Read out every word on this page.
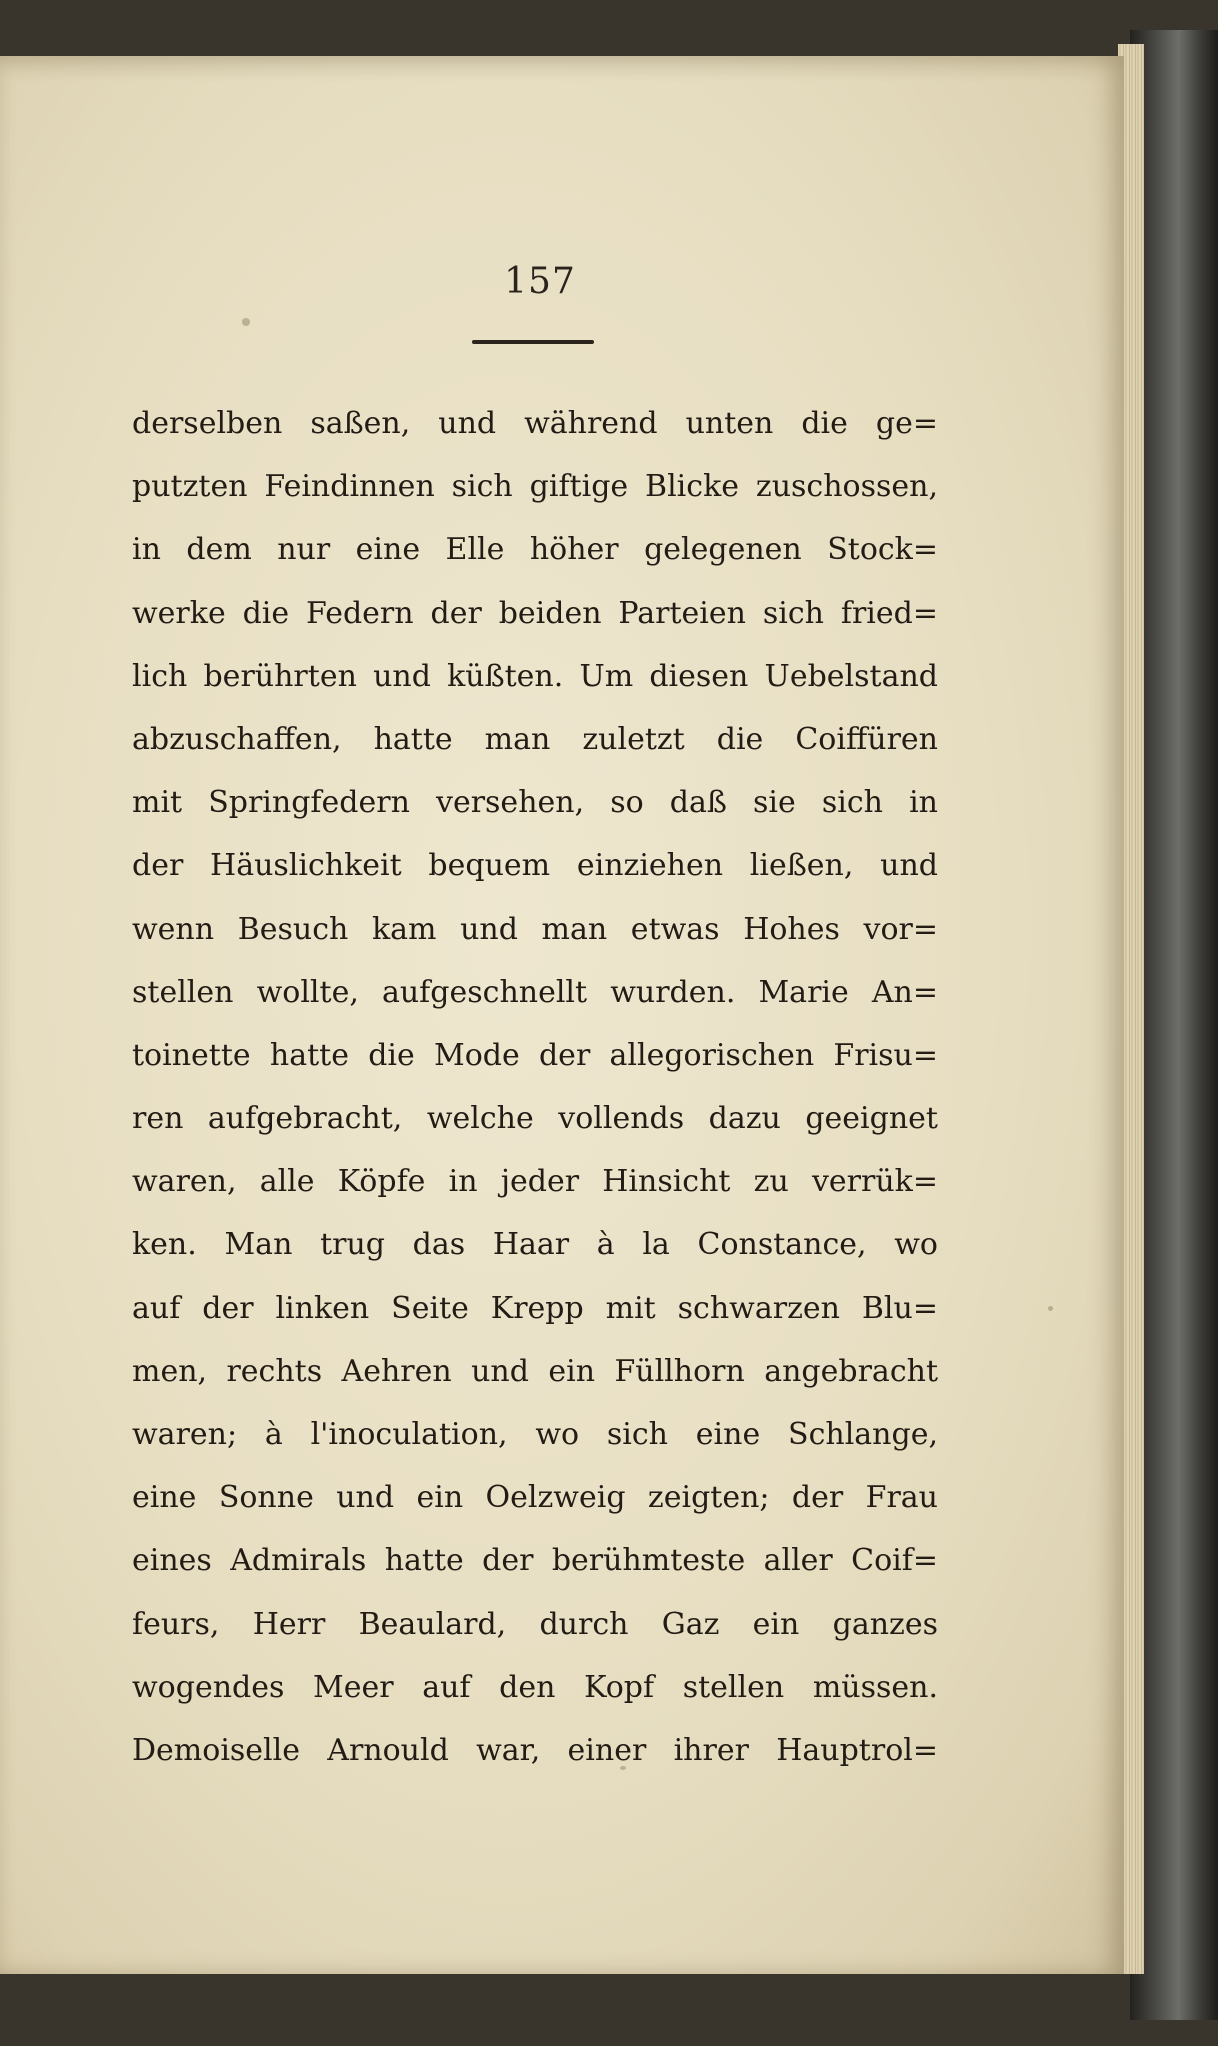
157
derselben saßen, und während unten die ge=
putzten Feindinnen sich giftige Blicke zuschossen,
in dem nur eine Elle höher gelegenen Stock=
werke die Federn der beiden Parteien sich fried=
lich berührten und küßten. Um diesen Uebelstand
abzuschaffen, hatte man zuletzt die Coiffüren
mit Springfedern versehen, so daß sie sich in
der Häuslichkeit bequem einziehen ließen, und
wenn Besuch kam und man etwas Hohes vor=
stellen wollte, aufgeschnellt wurden. Marie An=
toinette hatte die Mode der allegorischen Frisu=
ren aufgebracht, welche vollends dazu geeignet
waren, alle Köpfe in jeder Hinsicht zu verrük=
ken. Man trug das Haar à la Constance, wo
auf der linken Seite Krepp mit schwarzen Blu=
men, rechts Aehren und ein Füllhorn angebracht
waren; à l'inoculation, wo sich eine Schlange,
eine Sonne und ein Oelzweig zeigten; der Frau
eines Admirals hatte der berühmteste aller Coif=
feurs, Herr Beaulard, durch Gaz ein ganzes
wogendes Meer auf den Kopf stellen müssen.
Demoiselle Arnould war, einer ihrer Hauptrol=
